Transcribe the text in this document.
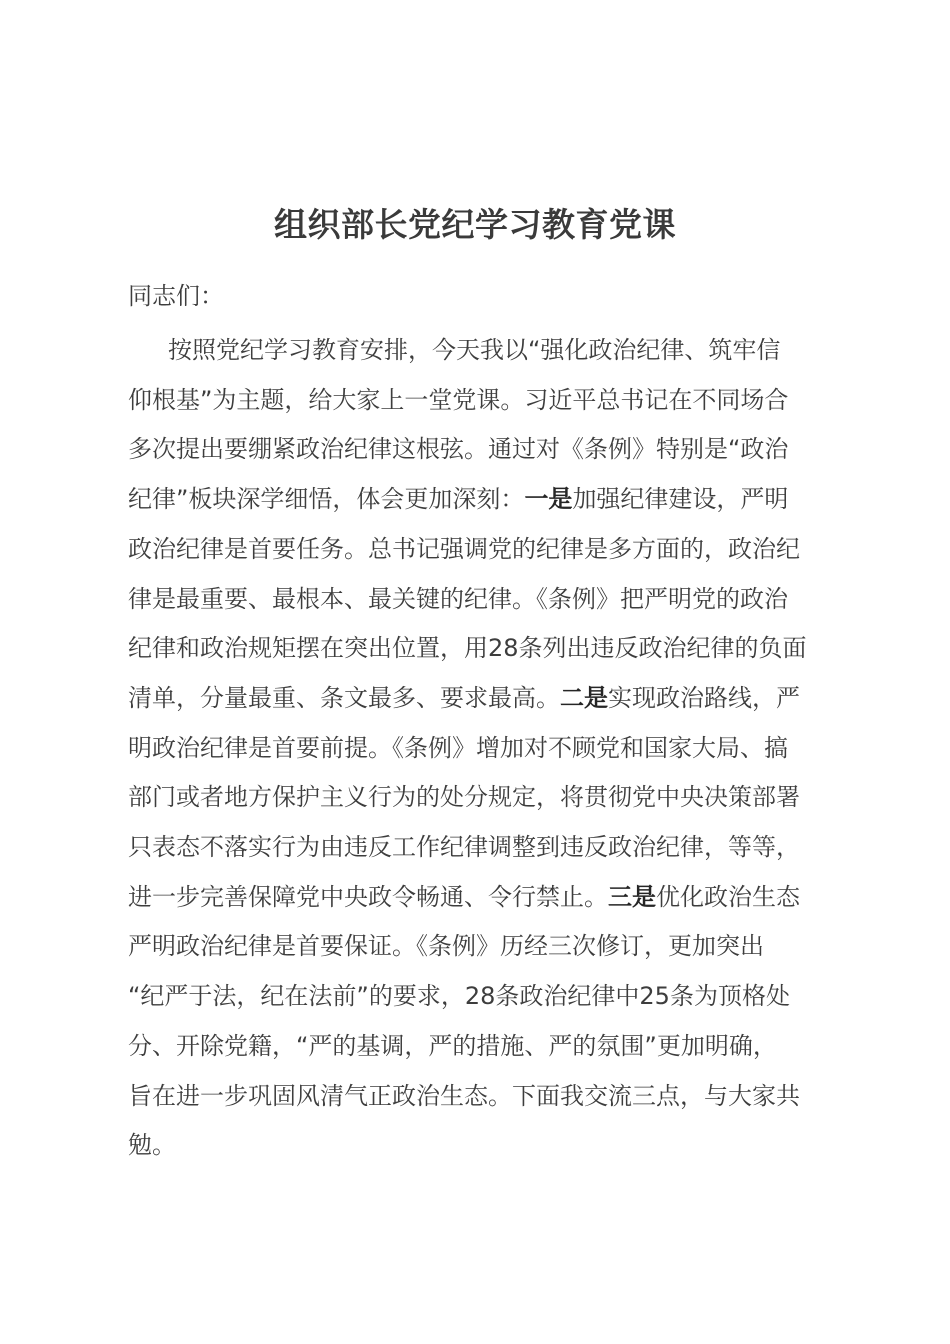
组织部长党纪学习教育党课

同志们：

按照党纪学习教育安排，今天我以“强化政治纪律、筑牢信
仰根基”为主题，给大家上一堂党课。习近平总书记在不同场合
多次提出要绷紧政治纪律这根弦。通过对《条例》特别是“政治
纪律”板块深学细悟，体会更加深刻：一是加强纪律建设，严明
政治纪律是首要任务。总书记强调党的纪律是多方面的，政治纪
律是最重要、最根本、最关键的纪律。《条例》把严明党的政治
纪律和政治规矩摆在突出位置，用28条列出违反政治纪律的负面
清单，分量最重、条文最多、要求最高。二是实现政治路线，严
明政治纪律是首要前提。《条例》增加对不顾党和国家大局、搞
部门或者地方保护主义行为的处分规定，将贯彻党中央决策部署
只表态不落实行为由违反工作纪律调整到违反政治纪律，等等，
进一步完善保障党中央政令畅通、令行禁止。三是优化政治生态
严明政治纪律是首要保证。《条例》历经三次修订，更加突出
“纪严于法，纪在法前”的要求，28条政治纪律中25条为顶格处
分、开除党籍，“严的基调，严的措施、严的氛围”更加明确，
旨在进一步巩固风清气正政治生态。下面我交流三点，与大家共
勉。
